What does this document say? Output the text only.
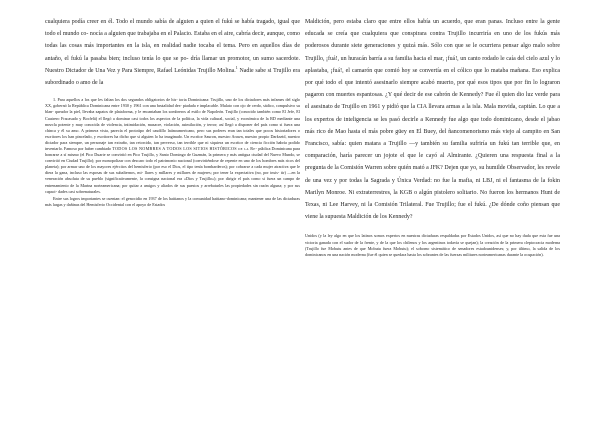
cualquiera podía creer en él. Todo el mundo sabía de alguien a quien el fukú se había tragado, igual que todo el mundo co- nocía a alguien que trabajaba en el Palacio. Estaba en el aire, cabría decir, aunque, como todas las cosas más importantes en la isla, en realidad nadie tocaba el tema. Pero en aquellos días de antaño, el fukú la pasaba bien; incluso tenía lo que se po- dría llamar un promotor, un sumo sacerdote. Nuestro Dictador de Una Vez y Para Siempre, Rafael Leónidas Trujillo Molina.$^1$ Nadie sabe si Trujillo era subordinado o amo de la

1. Para aquellos a los que les faltan los dos segundos obligatorios de his- toria Dominicana: Trujillo, uno de los dictadores más infames del siglo XX, gobernó la República Dominicana entre 1930 y 1961 con una brutalidad des- piadada e implacable. Mulato con ojo de cerdo, sádico, compulsivo su blan- queador la piel, llevaba zapatos de plataforma, y le encantaban los sombreros al estilo de Napoleón. Trujillo (conocido también como El Jefe, El Cuatrero Fracasado y Bocfelá) el llegó a dominar casi todos los aspectos de la política, la vida cultural, social, y económica de la RD mediante una mezcla potente y muy conocida de violencia, intimidación, masacre, violación, asimilación, y terror; así llegó a disponer del país como si fuera una chinca y él su amo. A primera vista, parecía el prototipo del caudillo latinoamericano, pero sus poderes eran tan totales que pocos historiadores o escritores los han pincelado, y escritores ha dicho que si alguien lo ha imaginado. Un escritor Sauron, nuestro Arawn, nuestro propio Darkseid, nuestro dictador para siempre, un personaje tan extraño, tan retorcido, tan perverso, tan terrible que ni siquiera un escritor de ciencia ficción habría podido inventarlo. Famoso por haber cambiado TODOS LOS NOMBRES A TODOS LOS SITIOS HISTÓRICOS de la Re- pública Dominicana para honrarse a sí mismo (el Pico Duarte se convirtió en Pico Trujillo, y Santo Domingo de Guzmán, la primera y más antigua ciudad del Nuevo Mundo, se convirtió en Ciudad Trujillo); por monopolizar con descaro todo el patrimonio nacional (convirtiéndose de repente en uno de los hombres más ricos del planeta); por armar uno de los mayores ejércitos del hemisferio (por eso el Dios, el tipo tenía bombarderos); por cobrarse a cada mujer atractiva que le diera la gana, incluso las esposas de sus subalternos, mi- llares y millares y millares de mujeres; por tener la expectativa (no, por insis- tir) —en la veneración absoluta de su pueblo (significativamente, la consigna nacional era «Dios y Trujillo»); por dirigir el país como si fuera un campo de entrenamiento de la Marina norteamericana; por quitar a amigos y aliados de sus puestos y arrebatarles las propiedades sin razón alguna; y por sus capaci- dades casi sobrenaturales.

Entre sus logros importantes se cuentan: el genocidio en 1937 de los haitianos y la comunidad haitiano-dominicana; mantener una de las dictaduras más largas y dañinas del Hemisferio Occidental con el apoyo de Estados

Maldición, pero estaba claro que entre ellos había un acuerdo, que eran panas. Incluso entre la gente educada se creía que cualquiera que conspirara contra Trujillo incurriría en uno de los fukús más poderosos durante siete generaciones y quizá más. Sólo con que se le ocurriera pensar algo malo sobre Trujillo, ¡fuá!, un huracán barría a su familia hacia el mar, ¡fuá!, un canto rodado le caía del cielo azul y lo aplastaba, ¡fuá!, el camarón que comió hoy se convertía en el cólico que lo mataba mañana. Eso explica por qué todo el que intentó asesinarlo siempre acabó muerto, por qué esos tipos que por fin lo lograron pagaron con muertes espantosas. ¿Y qué decir de ese cabrón de Kennedy? Fue él quien dio luz verde para el asesinato de Trujillo en 1961 y pidió que la CIA llevara armas a la isla. Mala movida, capitán. Lo que a los expertos de inteligencia se les pasó decirle a Kennedy fue algo que todo dominicano, desde el jabao más rico de Mao hasta el más pobre güey en El Buey, del ñancomenorismo más viejo al campito en San Francisco, sabía: quien matara a Trujillo —y también su familia sufriría un fukú tan terrible que, en comparación, haría parecer un jojote el que le cayó al Almirante. ¿Quieren una respuesta final a la pregunta de la Comisión Warren sobre quién mató a JFK? Dejen que yo, su humilde Observador, les revele de una vez y por todas la Sagrada y Única Verdad: no fue la mafia, ni LBJ, ni el fantasma de la fokin Marilyn Monroe. Ni extraterrestres, la KGB o algún pistolero solitario. No fueron los hermanos Hunt de Texas, ni Lee Harvey, ni la Comisión Trilateral. Fue Trujillo; fue el fukú. ¿De dónde coño piensan que viene la supuesta Maldición de los Kennedy?

Unidos (y la ley algo en que los latinos somos expertos en nuestras dictaduras respaldadas por Estados Unidos, así que no hay duda que esta fue una victoria ganada con el sudor de la frente, y de la que los chilenos y los argentinos todavía se quejan); la creación de la primera cleptocracia moderna (Trujillo fue Mobutu antes de que Mobutu fuera Mobutu); el soborno sistemático de senadores estadounidenses; y, por último, la salida de los dominicanos en una nación moderna (fue él quien se quedara hasta los sobrantes de las fuerzas militares norteamericanas durante la ocupación).
